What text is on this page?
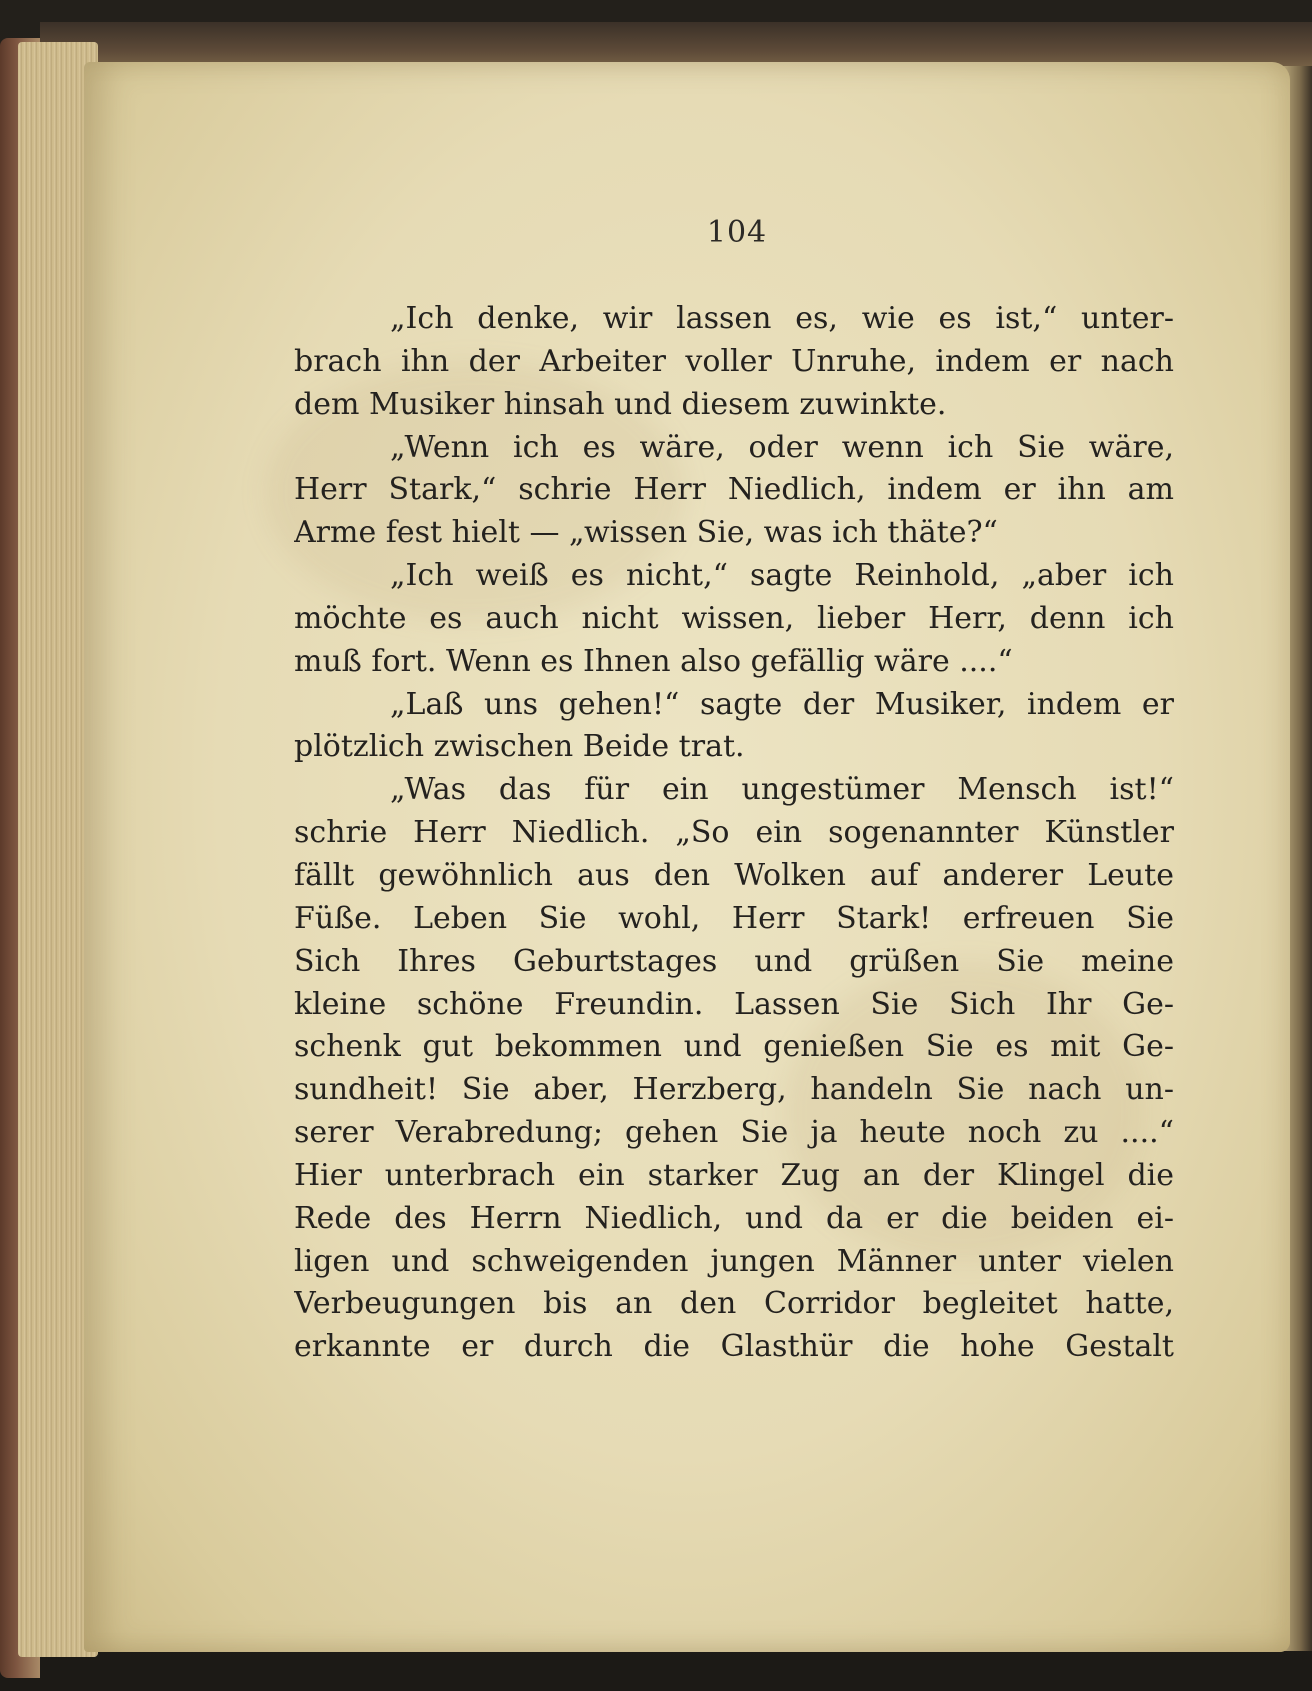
104
„Ich denke, wir lassen es, wie es ist,“ unter-
brach ihn der Arbeiter voller Unruhe, indem er nach
dem Musiker hinsah und diesem zuwinkte.
„Wenn ich es wäre, oder wenn ich Sie wäre,
Herr Stark,“ schrie Herr Niedlich, indem er ihn am
Arme fest hielt — „wissen Sie, was ich thäte?“
„Ich weiß es nicht,“ sagte Reinhold, „aber ich
möchte es auch nicht wissen, lieber Herr, denn ich
muß fort. Wenn es Ihnen also gefällig wäre ....“
„Laß uns gehen!“ sagte der Musiker, indem er
plötzlich zwischen Beide trat.
„Was das für ein ungestümer Mensch ist!“
schrie Herr Niedlich. „So ein sogenannter Künstler
fällt gewöhnlich aus den Wolken auf anderer Leute
Füße. Leben Sie wohl, Herr Stark! erfreuen Sie
Sich Ihres Geburtstages und grüßen Sie meine
kleine schöne Freundin. Lassen Sie Sich Ihr Ge-
schenk gut bekommen und genießen Sie es mit Ge-
sundheit! Sie aber, Herzberg, handeln Sie nach un-
serer Verabredung; gehen Sie ja heute noch zu ....“
Hier unterbrach ein starker Zug an der Klingel die
Rede des Herrn Niedlich, und da er die beiden ei-
ligen und schweigenden jungen Männer unter vielen
Verbeugungen bis an den Corridor begleitet hatte,
erkannte er durch die Glasthür die hohe Gestalt
